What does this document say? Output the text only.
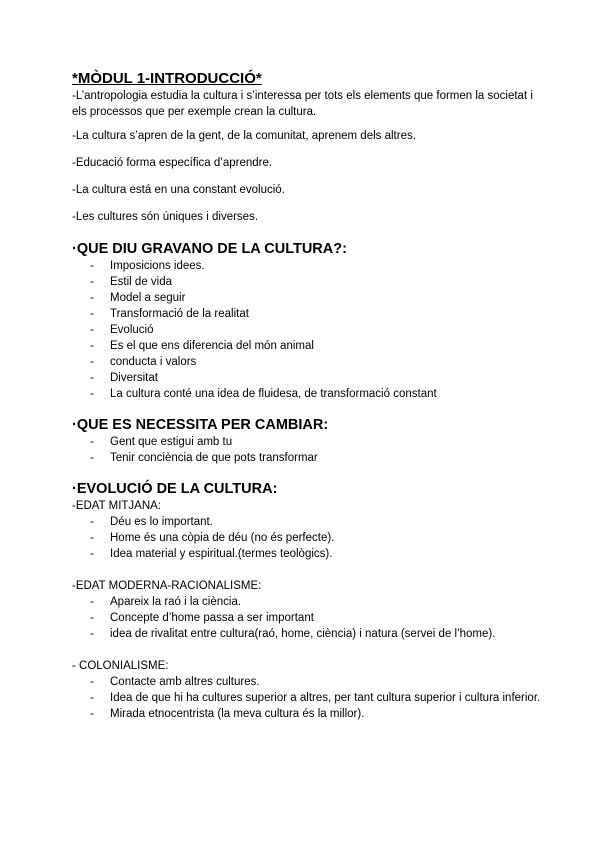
*MÒDUL 1-INTRODUCCIÓ*

-L’antropologia estudia la cultura i s’interessa per tots els elements que formen la societat i els processos que per exemple crean la cultura.

-La cultura s’apren de la gent, de la comunitat, aprenem dels altres.

-Educació forma específica d’aprendre.

-La cultura está en una constant evolució.

-Les cultures són úniques i diverses.

·QUE DIU GRAVANO DE LA CULTURA?:

- Imposicions idees.
- Estil de vida
- Model a seguir
- Transformació de la realitat
- Evolució
- Es el que ens diferencia del món animal
- conducta i valors
- Diversitat
- La cultura conté una idea de fluidesa, de transformació constant

·QUE ES NECESSITA PER CAMBIAR:

- Gent que estigui amb tu
- Tenir conciència de que pots transformar

·EVOLUCIÓ DE LA CULTURA:

-EDAT MITJANA:

- Déu es lo important.
- Home és una còpia de déu (no és perfecte).
- Idea material y espiritual.(termes teològics).

-EDAT MODERNA-RACIONALISME:

- Apareix la raó i la ciència.
- Concepte d’home passa a ser important
- idea de rivalitat entre cultura(raó, home, ciència) i natura (servei de l’home).

- COLONIALISME:

- Contacte amb altres cultures.
- Idea de que hi ha cultures superior a altres, per tant cultura superior i cultura inferior.
- Mirada etnocentrista (la meva cultura és la millor).
